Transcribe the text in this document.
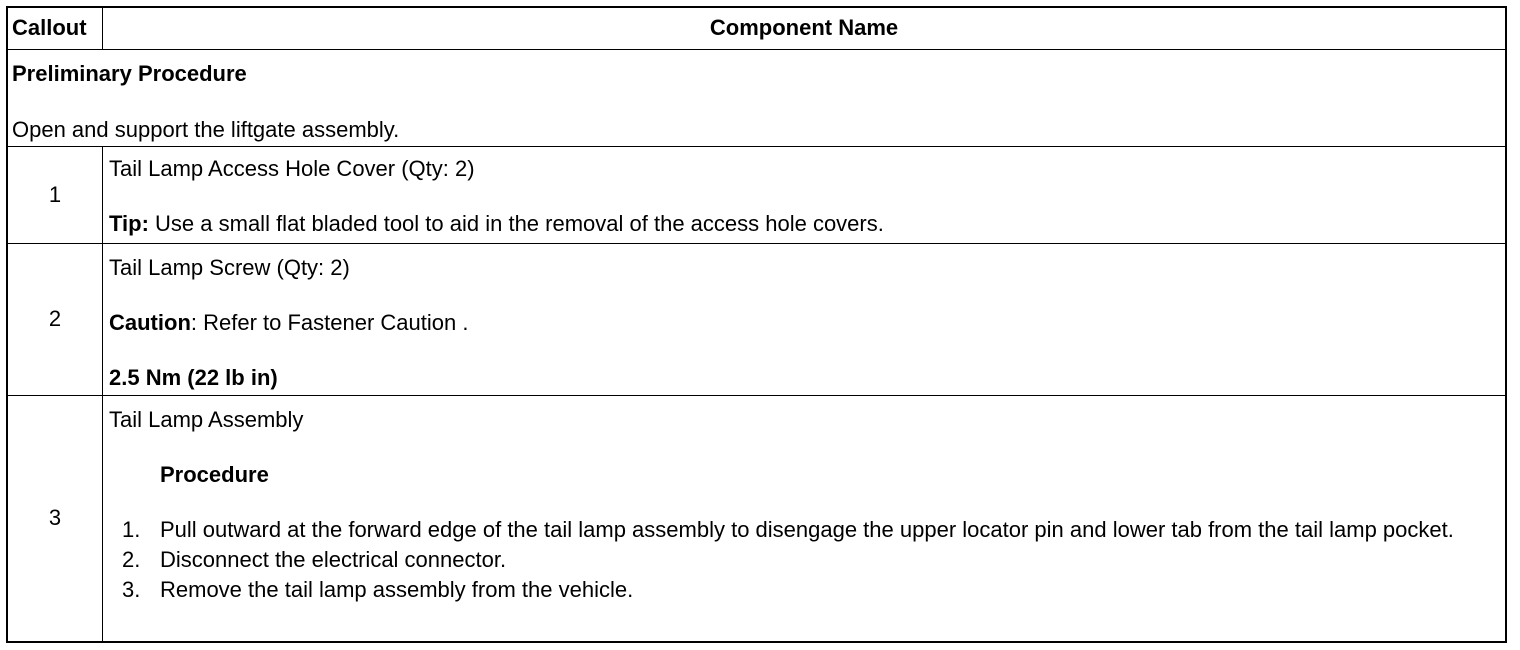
Callout	Component Name
Preliminary Procedure
Open and support the liftgate assembly.
1
Tail Lamp Access Hole Cover (Qty: 2)
Tip: Use a small flat bladed tool to aid in the removal of the access hole covers.
2
Tail Lamp Screw (Qty: 2)
Caution: Refer to Fastener Caution .
2.5 Nm (22 lb in)
3
Tail Lamp Assembly
Procedure
1. Pull outward at the forward edge of the tail lamp assembly to disengage the upper locator pin and lower tab from the tail lamp pocket.
2. Disconnect the electrical connector.
3. Remove the tail lamp assembly from the vehicle.
